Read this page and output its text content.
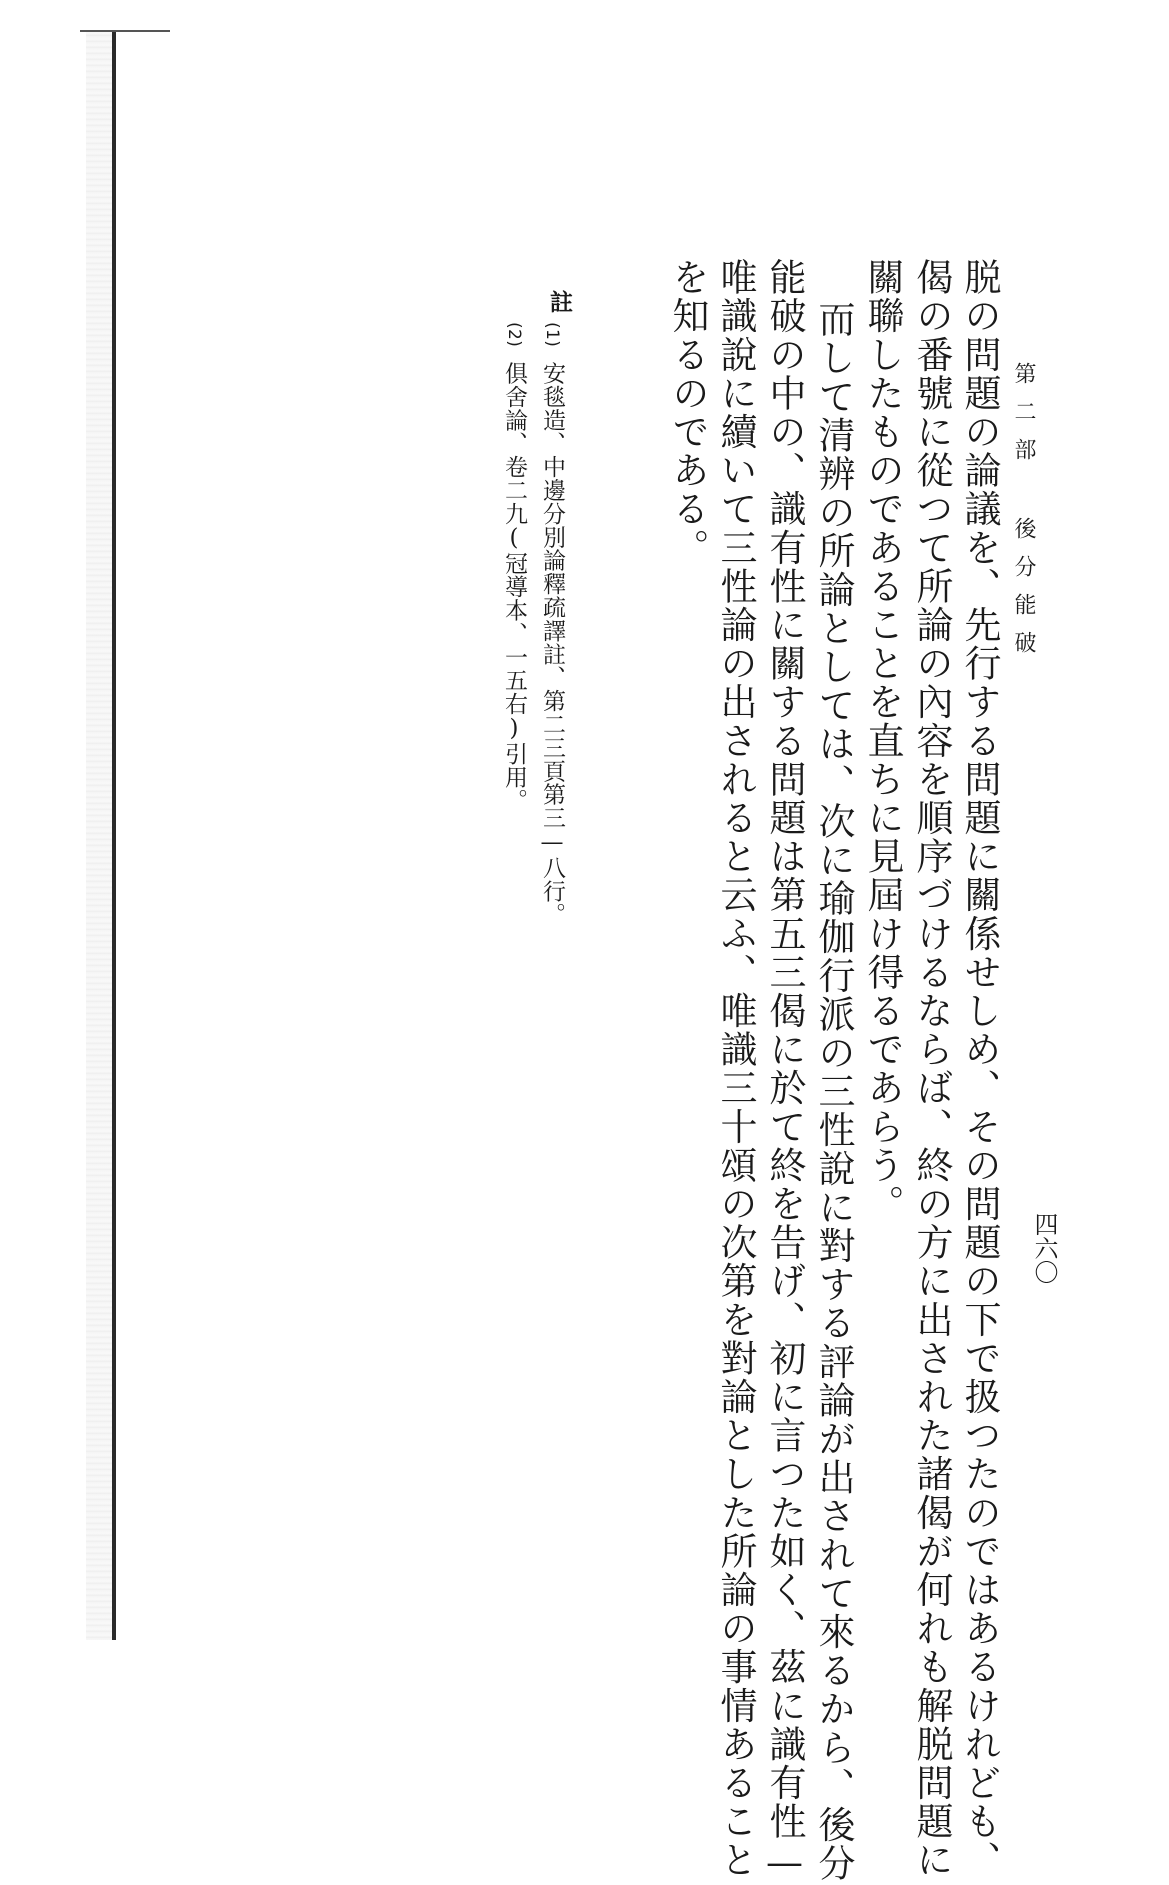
四六〇
第二部 後分能破
脱の問題の論議を、先行する問題に關係せしめ、その問題の下で扱つたのではあるけれども、
偈の番號に從つて所論の內容を順序づけるならば、終の方に出された諸偈が何れも解脱問題に
關聯したものであることを直ちに見屆け得るであらう。
而して清辨の所論としては、次に瑜伽行派の三性說に對する評論が出されて來るから、後分
能破の中の、識有性に關する問題は第五三偈に於て終を告げ、初に言つた如く、茲に識有性—
唯識說に續いて三性論の出されると云ふ、唯識三十頌の次第を對論とした所論の事情あること
を知るのである。
註
(1)安毯造、中邊分別論釋疏譯註、第二三頁第三—八行。
(2)俱舍論、卷二九(冠導本、一五右)引用。
